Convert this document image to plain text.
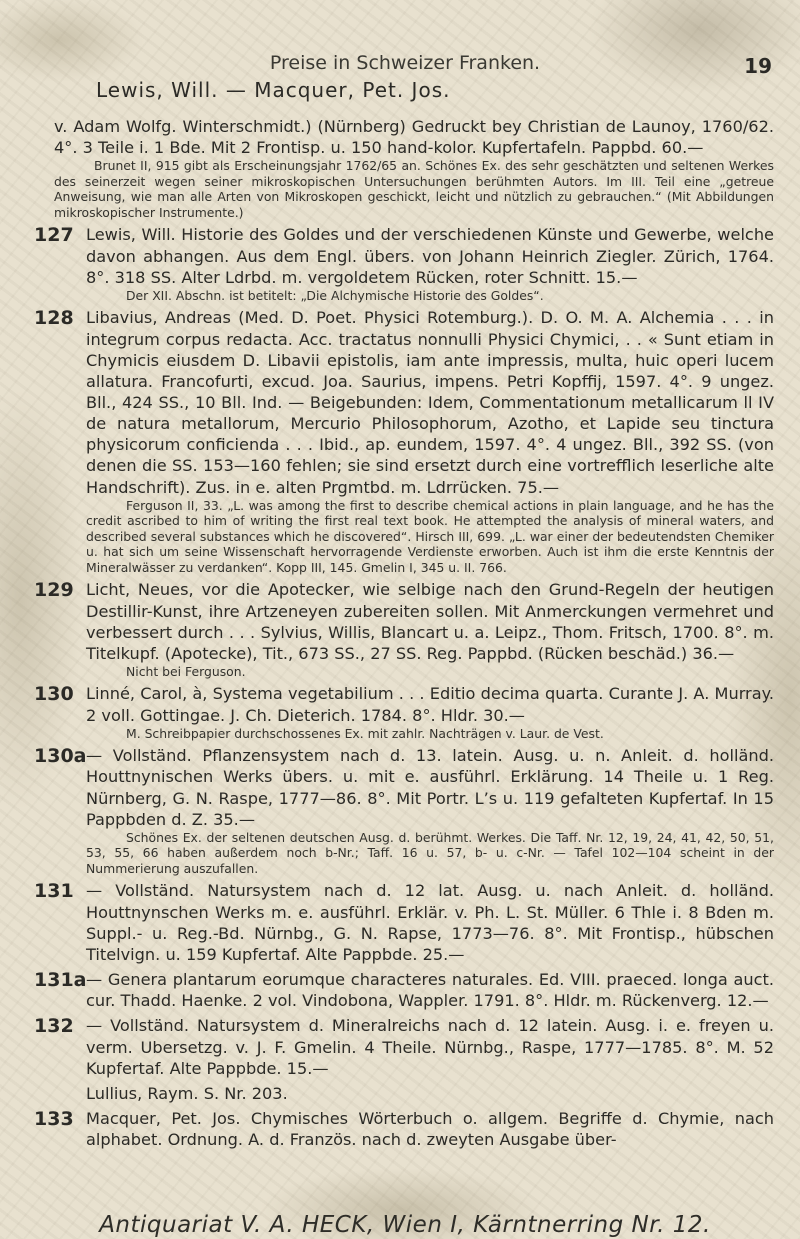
Preise in Schweizer Franken.	19
Lewis, Will. — Macquer, Pet. Jos.
v. Adam Wolfg. Winterschmidt.) (Nürnberg) Gedruckt bey Christian de Launoy, 1760/62. 4°. 3 Teile i. 1 Bde. Mit 2 Frontisp. u. 150 hand-kolor. Kupfertafeln. Pappbd. 60.—
Brunet II, 915 gibt als Erscheinungsjahr 1762/65 an. Schönes Ex. des sehr geschätzten und seltenen Werkes des seinerzeit wegen seiner mikroskopischen Untersuchungen berühmten Autors. Im III. Teil eine „getreue Anweisung, wie man alle Arten von Mikroskopen geschickt, leicht und nützlich zu gebrauchen.“ (Mit Abbildungen mikroskopischer Instrumente.)
127 Lewis, Will. Historie des Goldes und der verschiedenen Künste und Gewerbe, welche davon abhangen. Aus dem Engl. übers. von Johann Heinrich Ziegler. Zürich, 1764. 8°. 318 SS. Alter Ldrbd. m. vergoldetem Rücken, roter Schnitt. 15.—
Der XII. Abschn. ist betitelt: „Die Alchymische Historie des Goldes“.
128 Libavius, Andreas (Med. D. Poet. Physici Rotemburg.). D. O. M. A. Alchemia . . . in integrum corpus redacta. Acc. tractatus nonnulli Physici Chymici, . . « Sunt etiam in Chymicis eiusdem D. Libavii epistolis, iam ante impressis, multa, huic operi lucem allatura. Francofurti, excud. Joa. Saurius, impens. Petri Kopffij, 1597. 4°. 9 ungez. Bll., 424 SS., 10 Bll. Ind. — Beigebunden: Idem, Commentationum metallicarum ll IV de natura metallorum, Mercurio Philosophorum, Azotho, et Lapide seu tinctura physicorum conficienda . . . Ibid., ap. eundem, 1597. 4°. 4 ungez. Bll., 392 SS. (von denen die SS. 153—160 fehlen; sie sind ersetzt durch eine vortrefflich leserliche alte Handschrift). Zus. in e. alten Prgmtbd. m. Ldrrücken. 75.—
Ferguson II, 33. „L. was among the first to describe chemical actions in plain language, and he has the credit ascribed to him of writing the first real text book. He attempted the analysis of mineral waters, and described several substances which he discovered“. Hirsch III, 699. „L. war einer der bedeutendsten Chemiker u. hat sich um seine Wissenschaft hervorragende Verdienste erworben. Auch ist ihm die erste Kenntnis der Mineralwässer zu verdanken“. Kopp III, 145. Gmelin I, 345 u. II. 766.
129 Licht, Neues, vor die Apotecker, wie selbige nach den Grund-Regeln der heutigen Destillir-Kunst, ihre Artzeneyen zubereiten sollen. Mit Anmerckungen vermehret und verbessert durch . . . Sylvius, Willis, Blancart u. a. Leipz., Thom. Fritsch, 1700. 8°. m. Titelkupf. (Apotecke), Tit., 673 SS., 27 SS. Reg. Pappbd. (Rücken beschäd.) 36.—
Nicht bei Ferguson.
130 Linné, Carol, à, Systema vegetabilium . . . Editio decima quarta. Curante J. A. Murray. 2 voll. Gottingae. J. Ch. Dieterich. 1784. 8°. Hldr. 30.—
M. Schreibpapier durchschossenes Ex. mit zahlr. Nachträgen v. Laur. de Vest.
130a — Vollständ. Pflanzensystem nach d. 13. latein. Ausg. u. n. Anleit. d. holländ. Houttnynischen Werks übers. u. mit e. ausführl. Erklärung. 14 Theile u. 1 Reg. Nürnberg, G. N. Raspe, 1777—86. 8°. Mit Portr. L’s u. 119 gefalteten Kupfertaf. In 15 Pappbden d. Z. 35.—
Schönes Ex. der seltenen deutschen Ausg. d. berühmt. Werkes. Die Taff. Nr. 12, 19, 24, 41, 42, 50, 51, 53, 55, 66 haben außerdem noch b-Nr.; Taff. 16 u. 57, b- u. c-Nr. — Tafel 102—104 scheint in der Nummerierung auszufallen.
131 — Vollständ. Natursystem nach d. 12 lat. Ausg. u. nach Anleit. d. holländ. Houttnynschen Werks m. e. ausführl. Erklär. v. Ph. L. St. Müller. 6 Thle i. 8 Bden m. Suppl.- u. Reg.-Bd. Nürnbg., G. N. Rapse, 1773—76. 8°. Mit Frontisp., hübschen Titelvign. u. 159 Kupfertaf. Alte Pappbde. 25.—
131a — Genera plantarum eorumque characteres naturales. Ed. VIII. praeced. longa auct. cur. Thadd. Haenke. 2 vol. Vindobona, Wappler. 1791. 8°. Hldr. m. Rückenverg. 12.—
132 — Vollständ. Natursystem d. Mineralreichs nach d. 12 latein. Ausg. i. e. freyen u. verm. Ubersetzg. v. J. F. Gmelin. 4 Theile. Nürnbg., Raspe, 1777—1785. 8°. M. 52 Kupfertaf. Alte Pappbde. 15.—
Lullius, Raym. S. Nr. 203.
133 Macquer, Pet. Jos. Chymisches Wörterbuch o. allgem. Begriffe d. Chymie, nach alphabet. Ordnung. A. d. Französ. nach d. zweyten Ausgabe über-
Antiquariat V. A. HECK, Wien I, Kärntnerring Nr. 12.
